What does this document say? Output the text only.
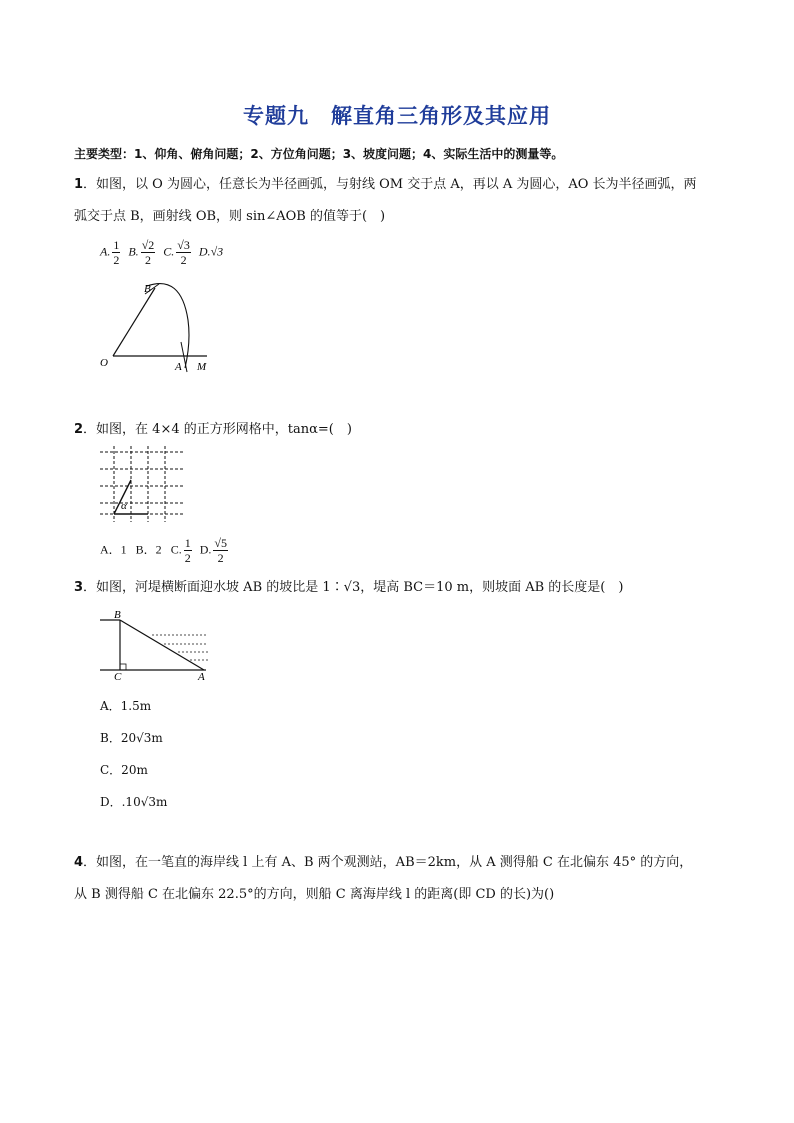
专题九　解直角三角形及其应用
主要类型：1、仰角、俯角问题；2、方位角问题；3、坡度问题；4、实际生活中的测量等。
1．如图，以 O 为圆心，任意长为半径画弧，与射线 OM 交于点 A，再以 A 为圆心，AO 长为半径画弧，两
弧交于点 B，画射线 OB，则 sin∠AOB 的值等于(　)
A. $\frac{1}{2} B$. $\frac{√2}{2} C$. $\frac{√3}{2} D.√3$
O	A M
B
2．如图，在 4×4 的正方形网格中，tanα=(　)
α
A．1 B．2 C. $\frac{1}{2} D$. $\frac{√5}{2}$
3．如图，河堤横断面迎水坡 AB 的坡比是 1∶√3，堤高 BC＝10 m，则坡面 AB 的长度是(　)
B
C	A
A．1.5m
B．20√3m
C．20m
D．.10√3m
4．如图，在一笔直的海岸线 l 上有 A、B 两个观测站，AB＝2km，从 A 测得船 C 在北偏东 45° 的方向，
从 B 测得船 C 在北偏东 22.5°的方向，则船 C 离海岸线 l 的距离(即 CD 的长)为()
